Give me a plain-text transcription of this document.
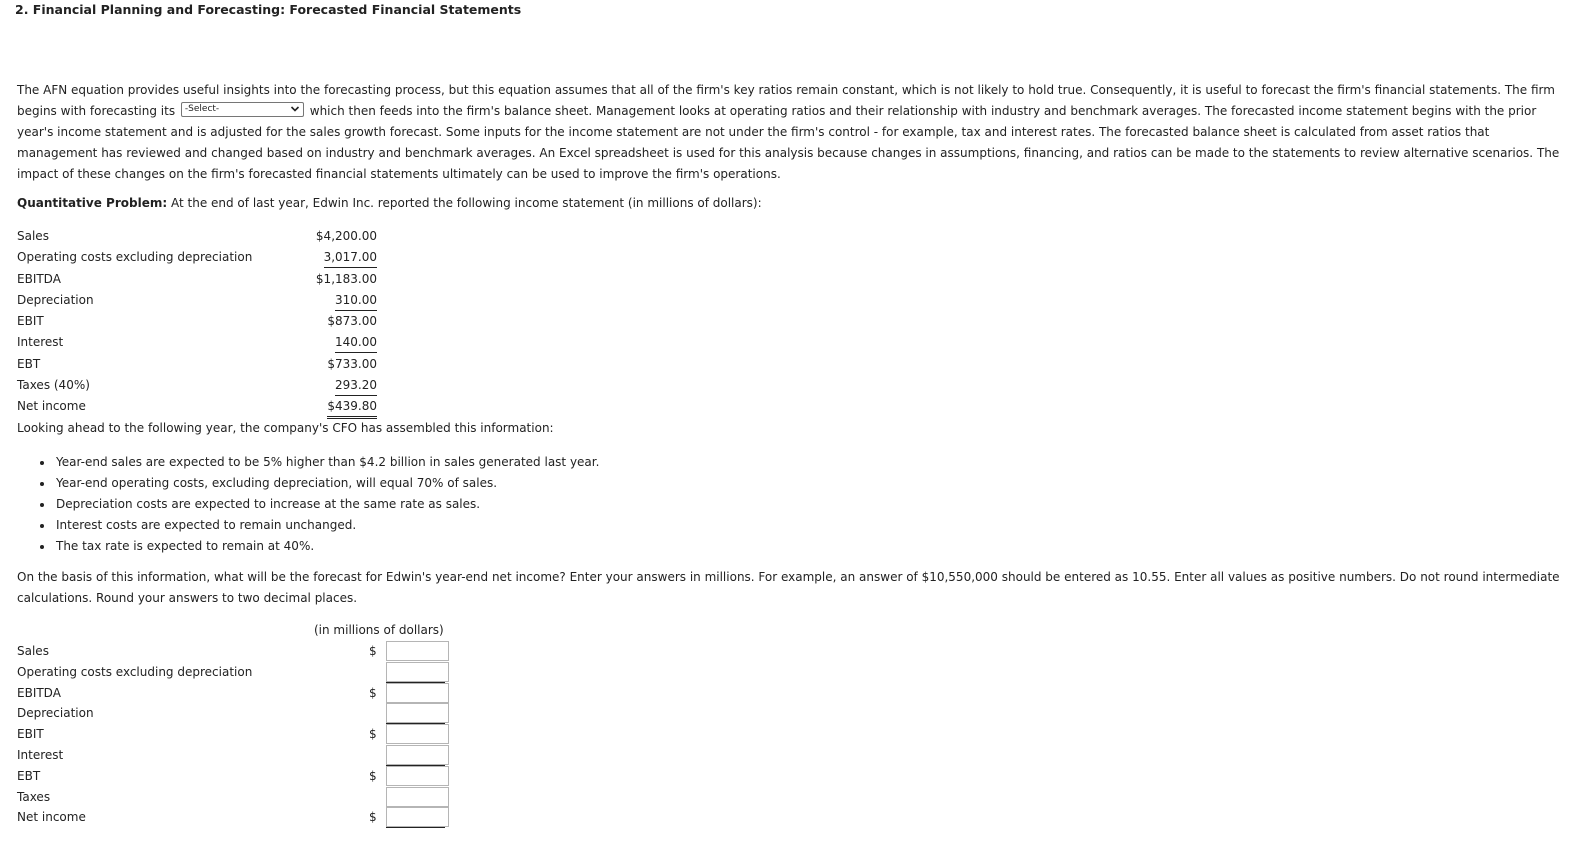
2. Financial Planning and Forecasting: Forecasted Financial Statements

The AFN equation provides useful insights into the forecasting process, but this equation assumes that all of the firm's key ratios remain constant, which is not likely to hold true. Consequently, it is useful to forecast the firm's financial statements. The firm begins with forecasting its -Select-	which then feeds into the firm's balance sheet. Management looks at operating ratios and their relationship with industry and benchmark averages. The forecasted income statement begins with the prior year's income statement and is adjusted for the sales growth forecast. Some inputs for the income statement are not under the firm's control - for example, tax and interest rates. The forecasted balance sheet is calculated from asset ratios that management has reviewed and changed based on industry and benchmark averages. An Excel spreadsheet is used for this analysis because changes in assumptions, financing, and ratios can be made to the statements to review alternative scenarios. The impact of these changes on the firm's forecasted financial statements ultimately can be used to improve the firm's operations.

Quantitative Problem: At the end of last year, Edwin Inc. reported the following income statement (in millions of dollars):

Sales	$4,200.00
Operating costs excluding depreciation	3,017.00
EBITDA	$1,183.00
Depreciation	310.00
EBIT	$873.00
Interest	140.00
EBT	$733.00
Taxes (40%)	293.20
Net income	$439.80

Looking ahead to the following year, the company's CFO has assembled this information:

Year-end sales are expected to be 5% higher than $4.2 billion in sales generated last year.
Year-end operating costs, excluding depreciation, will equal 70% of sales.
Depreciation costs are expected to increase at the same rate as sales.
Interest costs are expected to remain unchanged.
The tax rate is expected to remain at 40%.

On the basis of this information, what will be the forecast for Edwin's year-end net income? Enter your answers in millions. For example, an answer of $10,550,000 should be entered as 10.55. Enter all values as positive numbers. Do not round intermediate calculations. Round your answers to two decimal places.

(in millions of dollars)
Sales	$
Operating costs excluding depreciation
EBITDA	$
Depreciation
EBIT	$
Interest
EBT	$
Taxes
Net income	$
